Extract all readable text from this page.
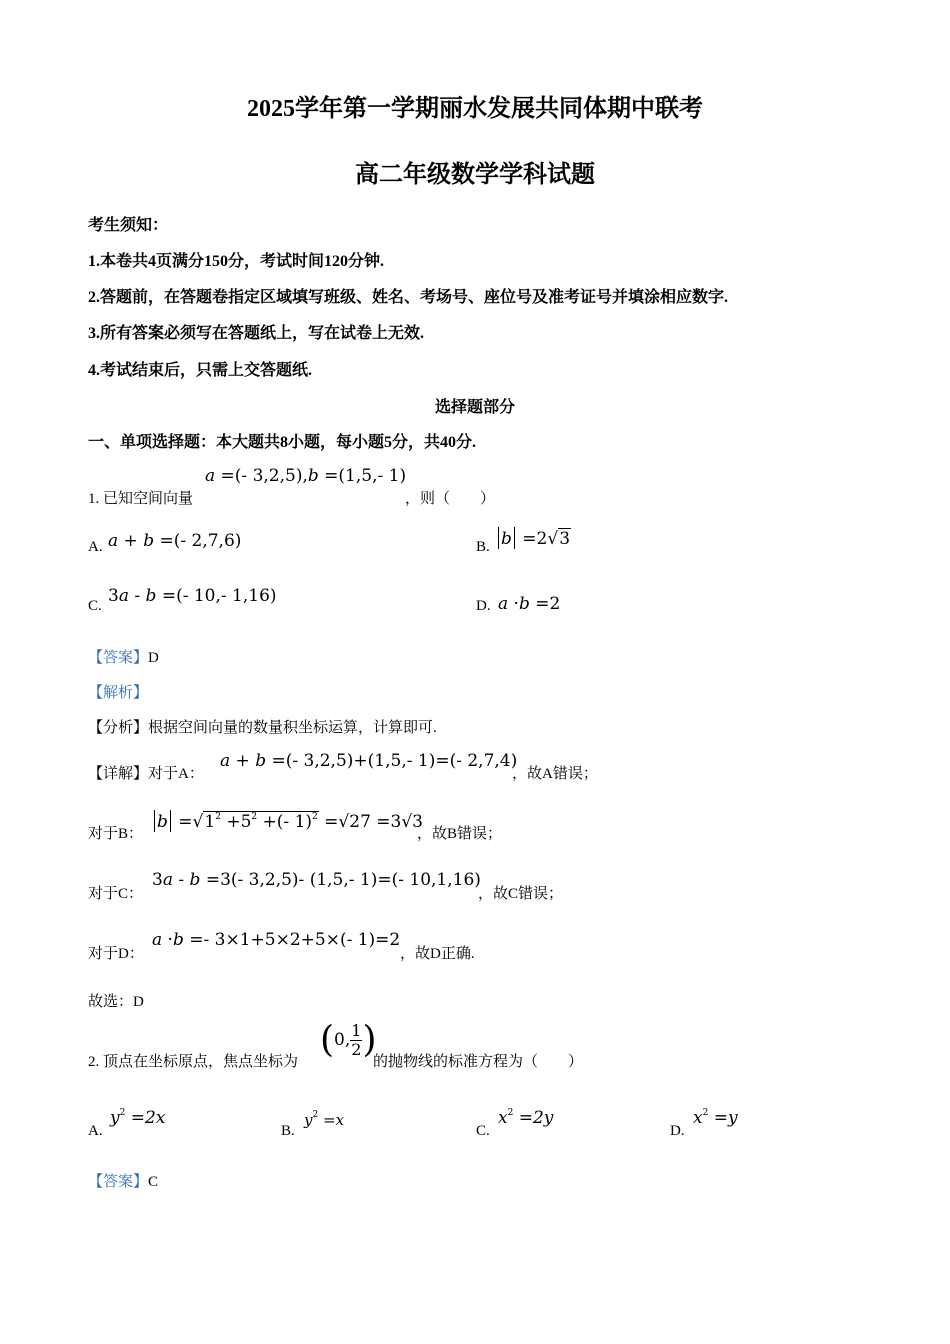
2025学年第一学期丽水发展共同体期中联考
高二年级数学学科试题
考生须知：
1.本卷共4页满分150分，考试时间120分钟.
2.答题前，在答题卷指定区域填写班级、姓名、考场号、座位号及准考证号并填涂相应数字.
3.所有答案必须写在答题纸上，写在试卷上无效.
4.考试结束后，只需上交答题纸.
选择题部分
一、单项选择题：本大题共8小题，每小题5分，共40分.
1. 已知空间向量
a =(- 3,2,5),b =(1,5,- 1)
，则（　　）
A. a + b =(- 2,7,6)	B. b =2√3
C. 3a - b =(- 10,- 1,16)	D. a ·b =2
【答案】D
【解析】
【分析】根据空间向量的数量积坐标运算，计算即可.
【详解】对于A：
a + b =(- 3,2,5)+(1,5,- 1)=(- 2,7,4)
，故A错误；
对于B：
$b =√1^2 +5^2$ +(- 1)$^2$ =√27 =3√3
，故B错误；
对于C：
3a - b =3(- 3,2,5)- (1,5,- 1)=(- 10,1,16)
，故C错误；
对于D：
a ·b =- 3×1+5×2+5×(- 1)=2
，故D正确.
故选：D
2. 顶点在坐标原点，焦点坐标为
(0, $\frac{1}{2}$ )
的抛物线的标准方程为（　　）
A.
$y^2 =2x$
B.
$y^2 =x$
C.
$x^2 =2y$
D.
$x^2 =y$
【答案】C
